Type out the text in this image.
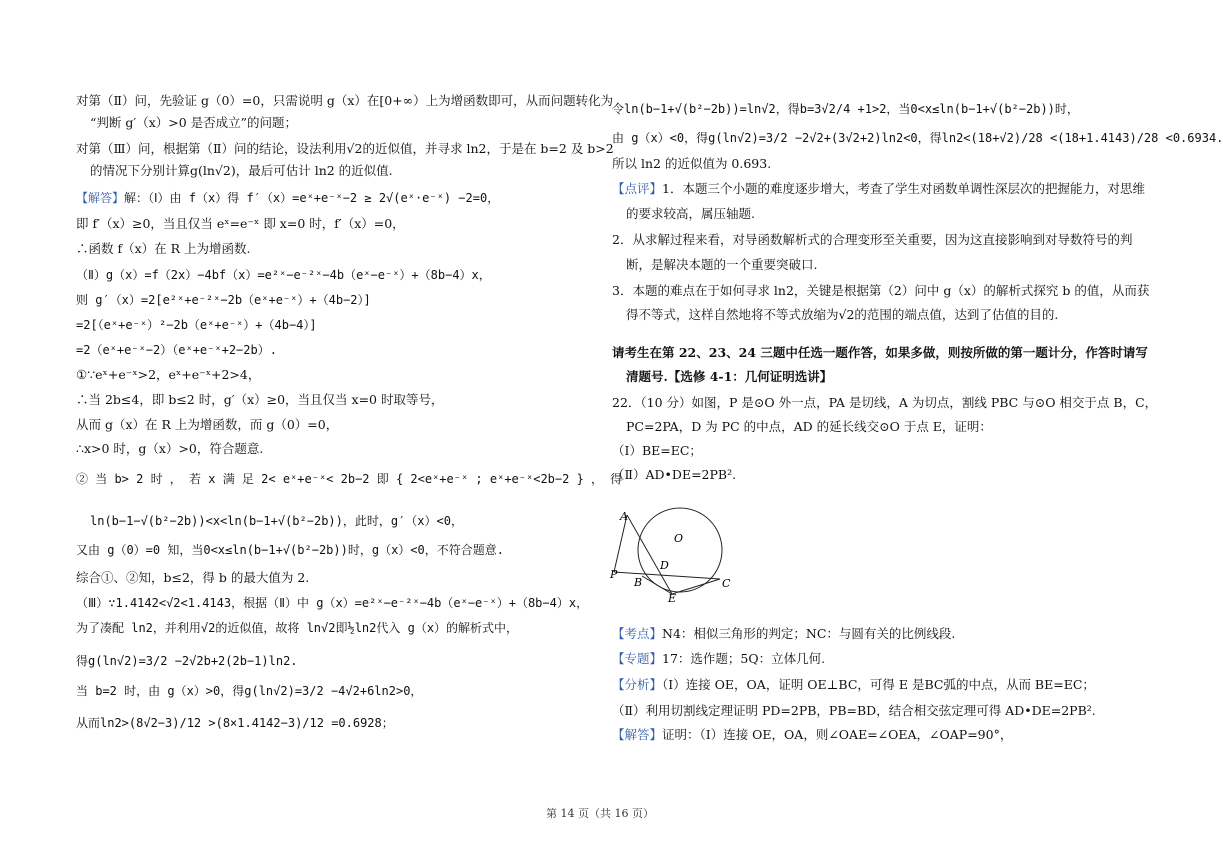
对第（Ⅱ）问，先验证 g（0）=0，只需说明 g（x）在[0+∞）上为增函数即可，从而问题转化为
“判断 g′（x）>0 是否成立”的问题；
对第（Ⅲ）问，根据第（Ⅱ）问的结论，设法利用√2的近似值，并寻求 ln2，于是在 b=2 及 b>2
的情况下分别计算g(ln√2)，最后可估计 ln2 的近似值.
【解答】解：（Ⅰ）由 f（x）得 f′（x）=eˣ+e⁻ˣ−2 ≥ 2√(eˣ·e⁻ˣ) −2=0，
即 f′（x）≥0，当且仅当 eˣ=e⁻ˣ 即 x=0 时，f′（x）=0，
∴函数 f（x）在 R 上为增函数.
（Ⅱ）g（x）=f（2x）−4bf（x）=e²ˣ−e⁻²ˣ−4b（eˣ−e⁻ˣ）+（8b−4）x，
则 g′（x）=2[e²ˣ+e⁻²ˣ−2b（eˣ+e⁻ˣ）+（4b−2）]
=2[（eˣ+e⁻ˣ）²−2b（eˣ+e⁻ˣ）+（4b−4）]
=2（eˣ+e⁻ˣ−2）（eˣ+e⁻ˣ+2−2b）.
①∵eˣ+e⁻ˣ>2，eˣ+e⁻ˣ+2>4，
∴当 2b≤4，即 b≤2 时，g′（x）≥0，当且仅当 x=0 时取等号，
从而 g（x）在 R 上为增函数，而 g（0）=0，
∴x>0 时，g（x）>0，符合题意.
② 当 b> 2 时 ， 若 x 满 足 2< eˣ+e⁻ˣ< 2b−2 即 { 2<eˣ+e⁻ˣ ; eˣ+e⁻ˣ<2b−2 } ， 得
ln(b−1−√(b²−2b))<x<ln(b−1+√(b²−2b))，此时，g′（x）<0，
又由 g（0）=0 知，当0<x≤ln(b−1+√(b²−2b))时，g（x）<0，不符合题意.
综合①、②知，b≤2，得 b 的最大值为 2.
（Ⅲ）∵1.4142<√2<1.4143，根据（Ⅱ）中 g（x）=e²ˣ−e⁻²ˣ−4b（eˣ−e⁻ˣ）+（8b−4）x，
为了凑配 ln2，并利用√2的近似值，故将 ln√2即½ln2代入 g（x）的解析式中，
得g(ln√2)=3/2 −2√2b+2(2b−1)ln2.
当 b=2 时，由 g（x）>0，得g(ln√2)=3/2 −4√2+6ln2>0，
从而ln2>(8√2−3)/12 >(8×1.4142−3)/12 =0.6928；
令ln(b−1+√(b²−2b))=ln√2，得b=3√2/4 +1>2，当0<x≤ln(b−1+√(b²−2b))时，
由 g（x）<0，得g(ln√2)=3/2 −2√2+(3√2+2)ln2<0，得ln2<(18+√2)/28 <(18+1.4143)/28 <0.6934.
所以 ln2 的近似值为 0.693.
【点评】1．本题三个小题的难度逐步增大，考查了学生对函数单调性深层次的把握能力，对思维
的要求较高，属压轴题.
2．从求解过程来看，对导函数解析式的合理变形至关重要，因为这直接影响到对导数符号的判
断，是解决本题的一个重要突破口.
3．本题的难点在于如何寻求 ln2，关键是根据第（2）问中 g（x）的解析式探究 b 的值，从而获
得不等式，这样自然地将不等式放缩为√2的范围的端点值，达到了估值的目的.
请考生在第 22、23、24 三题中任选一题作答，如果多做，则按所做的第一题计分，作答时请写
清题号.【选修 4-1：几何证明选讲】
22．（10 分）如图，P 是⊙O 外一点，PA 是切线，A 为切点，割线 PBC 与⊙O 相交于点 B，C，
PC=2PA，D 为 PC 的中点，AD 的延长线交⊙O 于点 E，证明：
（Ⅰ）BE=EC；
（Ⅱ）AD•DE=2PB².
A
O
D
P
B	C
E
【考点】N4：相似三角形的判定；NC：与圆有关的比例线段.
【专题】17：选作题；5Q：立体几何.
【分析】（Ⅰ）连接 OE，OA，证明 OE⊥BC，可得 E 是BC弧的中点，从而 BE=EC；
（Ⅱ）利用切割线定理证明 PD=2PB，PB=BD，结合相交弦定理可得 AD•DE=2PB².
【解答】证明：（Ⅰ）连接 OE，OA，则∠OAE=∠OEA，∠OAP=90°，
第 14 页（共 16 页）
